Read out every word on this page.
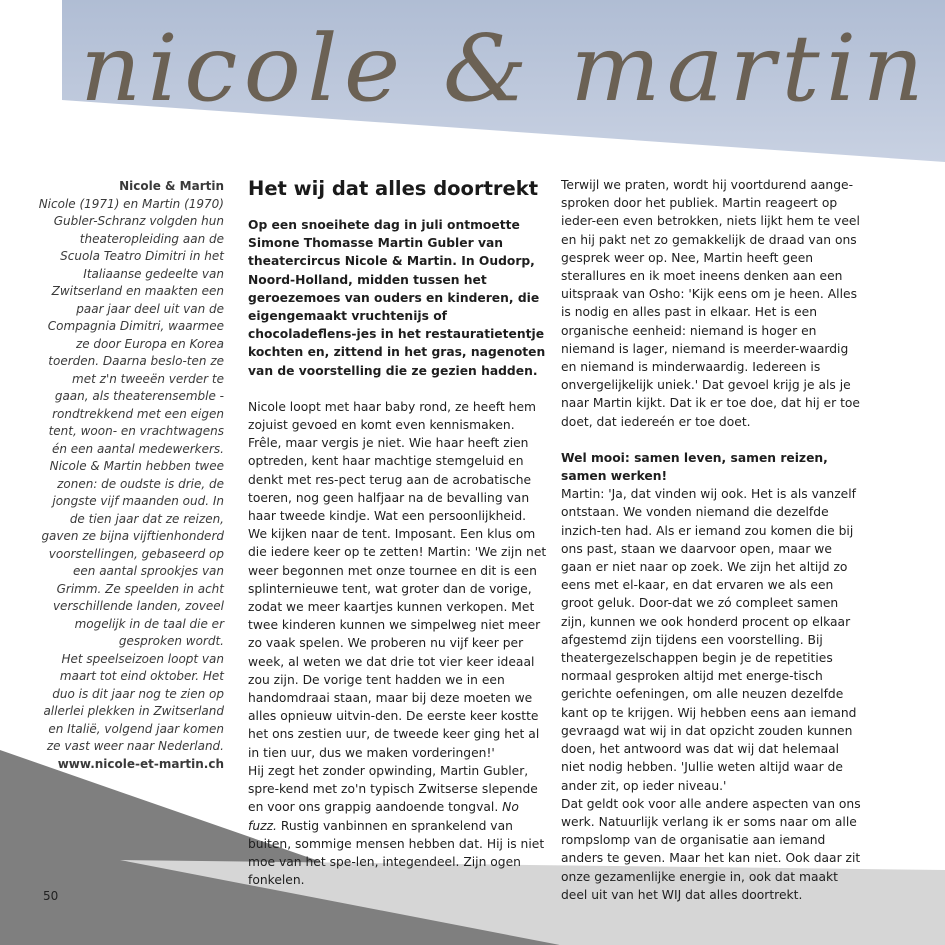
nicole & martin
Nicole & Martin

Nicole (1971) en Martin (1970) Gubler-Schranz volgden hun theateropleiding aan de Scuola Teatro Dimitri in het Italiaanse gedeelte van Zwitserland en maakten een paar jaar deel uit van de Compagnia Dimitri, waarmee ze door Europa en Korea toerden. Daarna beslo-ten ze met z'n tweeën verder te gaan, als theaterensemble - rondtrekkend met een eigen tent, woon- en vrachtwagens én een aantal medewerkers. Nicole & Martin hebben twee zonen: de oudste is drie, de jongste vijf maanden oud. In de tien jaar dat ze reizen, gaven ze bijna vijftienhonderd voorstellingen, gebaseerd op een aantal sprookjes van Grimm. Ze speelden in acht verschillende landen, zoveel mogelijk in de taal die er gesproken wordt.

Het speelseizoen loopt van maart tot eind oktober. Het duo is dit jaar nog te zien op allerlei plekken in Zwitserland en Italië, volgend jaar komen ze vast weer naar Nederland.

www.nicole-et-martin.ch
Het wij dat alles doortrekt

Op een snoeihete dag in juli ontmoette Simone Thomasse Martin Gubler van theatercircus Nicole & Martin. In Oudorp, Noord-Holland, midden tussen het geroezemoes van ouders en kinderen, die eigengemaakt vruchtenijs of chocoladeflens-jes in het restauratietentje kochten en, zittend in het gras, nagenoten van de voorstelling die ze gezien hadden.

Nicole loopt met haar baby rond, ze heeft hem zojuist gevoed en komt even kennismaken. Frêle, maar vergis je niet. Wie haar heeft zien optreden, kent haar machtige stemgeluid en denkt met res-pect terug aan de acrobatische toeren, nog geen halfjaar na de bevalling van haar tweede kindje. Wat een persoonlijkheid.

We kijken naar de tent. Imposant. Een klus om die iedere keer op te zetten! Martin: 'We zijn net weer begonnen met onze tournee en dit is een splinternieuwe tent, wat groter dan de vorige, zodat we meer kaartjes kunnen verkopen. Met twee kinderen kunnen we simpelweg niet meer zo vaak spelen. We proberen nu vijf keer per week, al weten we dat drie tot vier keer ideaal zou zijn. De vorige tent hadden we in een handomdraai staan, maar bij deze moeten we alles opnieuw uitvin-den. De eerste keer kostte het ons zestien uur, de tweede keer ging het al in tien uur, dus we maken vorderingen!'

Hij zegt het zonder opwinding, Martin Gubler, spre-kend met zo'n typisch Zwitserse slepende en voor ons grappig aandoende tongval. No fuzz. Rustig vanbinnen en sprankelend van buiten, sommige mensen hebben dat. Hij is niet moe van het spe-len, integendeel. Zijn ogen fonkelen.

Terwijl we praten, wordt hij voortdurend aange-sproken door het publiek. Martin reageert op ieder-een even betrokken, niets lijkt hem te veel en hij pakt net zo gemakkelijk de draad van ons gesprek weer op. Nee, Martin heeft geen sterallures en ik moet ineens denken aan een uitspraak van Osho: 'Kijk eens om je heen. Alles is nodig en alles past in elkaar. Het is een organische eenheid: niemand is hoger en niemand is lager, niemand is meerder-waardig en niemand is minderwaardig. Iedereen is onvergelijkelijk uniek.' Dat gevoel krijg je als je naar Martin kijkt. Dat ik er toe doe, dat hij er toe doet, dat iedereén er toe doet.

Wel mooi: samen leven, samen reizen, samen werken!

Martin: 'Ja, dat vinden wij ook. Het is als vanzelf ontstaan. We vonden niemand die dezelfde inzich-ten had. Als er iemand zou komen die bij ons past, staan we daarvoor open, maar we gaan er niet naar op zoek. We zijn het altijd zo eens met el-kaar, en dat ervaren we als een groot geluk. Door-dat we zó compleet samen zijn, kunnen we ook honderd procent op elkaar afgestemd zijn tijdens een voorstelling. Bij theatergezelschappen begin je de repetities normaal gesproken altijd met energe-tisch gerichte oefeningen, om alle neuzen dezelfde kant op te krijgen. Wij hebben eens aan iemand gevraagd wat wij in dat opzicht zouden kunnen doen, het antwoord was dat wij dat helemaal niet nodig hebben. 'Jullie weten altijd waar de ander zit, op ieder niveau.'

Dat geldt ook voor alle andere aspecten van ons werk. Natuurlijk verlang ik er soms naar om alle rompslomp van de organisatie aan iemand anders te geven. Maar het kan niet. Ook daar zit onze gezamenlijke energie in, ook dat maakt deel uit van het WIJ dat alles doortrekt.

50
